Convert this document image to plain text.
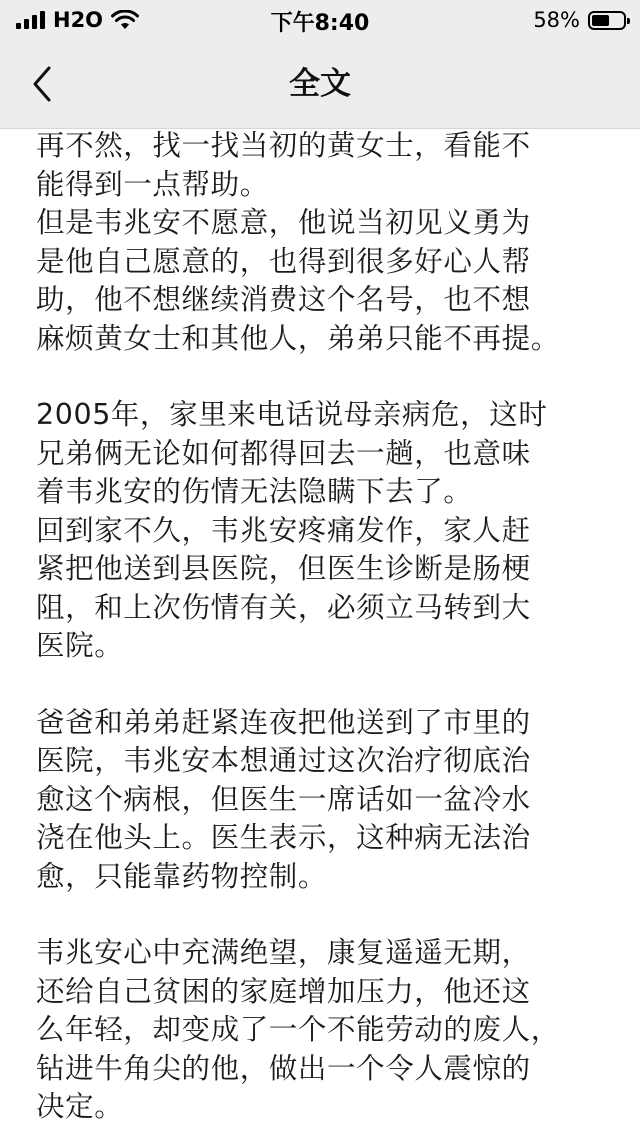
H2O	下午8:40	58%
全文
再不然，找一找当初的黄女士，看能不
能得到一点帮助。
但是韦兆安不愿意，他说当初见义勇为
是他自己愿意的，也得到很多好心人帮
助，他不想继续消费这个名号，也不想
麻烦黄女士和其他人，弟弟只能不再提。
2005年，家里来电话说母亲病危，这时
兄弟俩无论如何都得回去一趟，也意味
着韦兆安的伤情无法隐瞒下去了。
回到家不久，韦兆安疼痛发作，家人赶
紧把他送到县医院，但医生诊断是肠梗
阻，和上次伤情有关，必须立马转到大
医院。
爸爸和弟弟赶紧连夜把他送到了市里的
医院，韦兆安本想通过这次治疗彻底治
愈这个病根，但医生一席话如一盆冷水
浇在他头上。医生表示，这种病无法治
愈，只能靠药物控制。
韦兆安心中充满绝望，康复遥遥无期，
还给自己贫困的家庭增加压力，他还这
么年轻，却变成了一个不能劳动的废人，
钻进牛角尖的他，做出一个令人震惊的
决定。
